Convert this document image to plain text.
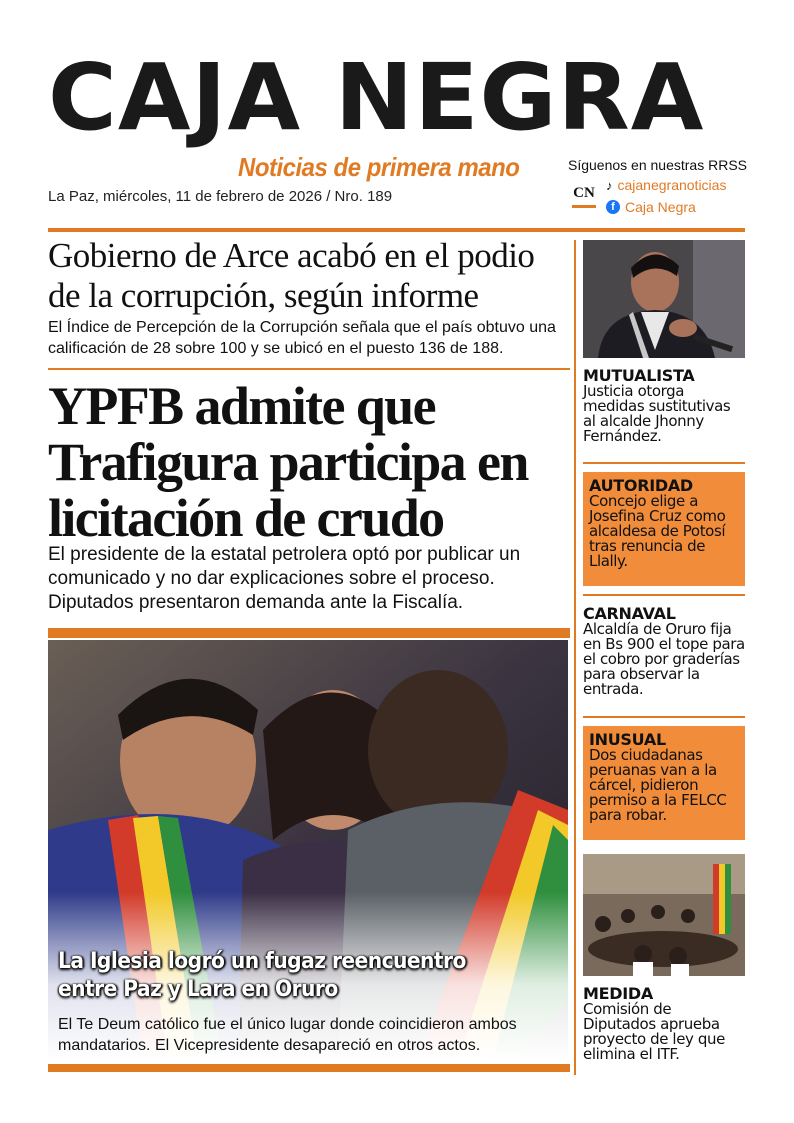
CAJA NEGRA
Noticias de primera mano
La Paz, miércoles, 11 de febrero de 2026 / Nro. 189
Síguenos en nuestras RRSS
CN ♪ cajanegranoticias
f Caja Negra
Gobierno de Arce acabó en el podio de la corrupción, según informe
El Índice de Percepción de la Corrupción señala que el país obtuvo una calificación de 28 sobre 100 y se ubicó en el puesto 136 de 188.
YPFB admite que Trafigura participa en licitación de crudo
El presidente de la estatal petrolera optó por publicar un comunicado y no dar explicaciones sobre el proceso. Diputados presentaron demanda ante la Fiscalía.
La Iglesia logró un fugaz reencuentro entre Paz y Lara en Oruro
El Te Deum católico fue el único lugar donde coincidieron ambos mandatarios. El Vicepresidente desapareció en otros actos.
MUTUALISTA
Justicia otorga medidas sustitutivas al alcalde Jhonny Fernández.
AUTORIDAD
Concejo elige a Josefina Cruz como alcaldesa de Potosí tras renuncia de Llally.
CARNAVAL
Alcaldía de Oruro fija en Bs 900 el tope para el cobro por graderías para observar la entrada.
INUSUAL
Dos ciudadanas peruanas van a la cárcel, pidieron permiso a la FELCC para robar.
MEDIDA
Comisión de Diputados aprueba proyecto de ley que elimina el ITF.
